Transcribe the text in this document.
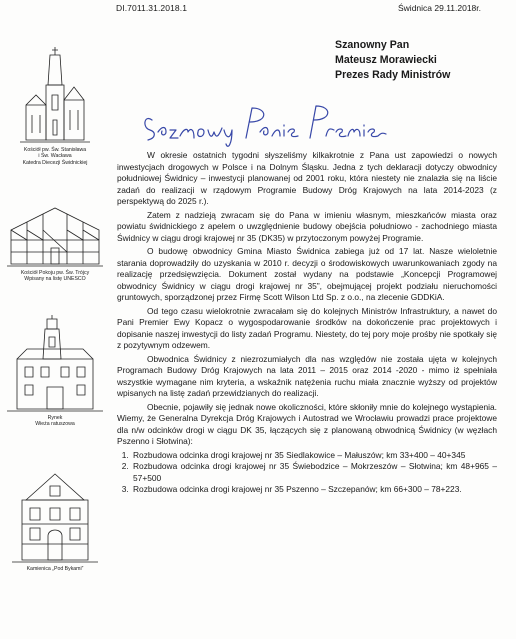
DI.7011.31.2018.1	Świdnica 29.11.2018r.
Szanowny Pan
Mateusz Morawiecki
Prezes Rady Ministrów
Kościół pw. Św. Stanisława
i Św. Wacława
Katedra Diecezji Świdnickiej
Kościół Pokoju pw. Św. Trójcy
Wpisany na listę UNESCO
Rynek
Wieża ratuszowa
Kamienica „Pod Bykami”

W okresie ostatnich tygodni słyszeliśmy kilkakrotnie z Pana ust zapowiedzi o nowych inwestycjach drogowych w Polsce i na Dolnym Śląsku. Jedna z tych deklaracji dotyczy obwodnicy południowej Świdnicy – inwestycji planowanej od 2001 roku, która niestety nie znalazła się na liście zadań do realizacji w rządowym Programie Budowy Dróg Krajowych na lata 2014-2023 (z perspektywą do 2025 r.).

Zatem z nadzieją zwracam się do Pana w imieniu własnym, mieszkańców miasta oraz powiatu świdnickiego z apelem o uwzględnienie budowy obejścia południowo - zachodniego miasta Świdnicy w ciągu drogi krajowej nr 35 (DK35) w przytoczonym powyżej Programie.

O budowę obwodnicy Gmina Miasto Świdnica zabiega już od 17 lat. Nasze wieloletnie starania doprowadziły do uzyskania w 2010 r. decyzji o środowiskowych uwarunkowaniach zgody na realizację przedsięwzięcia. Dokument został wydany na podstawie „Koncepcji Programowej obwodnicy Świdnicy w ciągu drogi krajowej nr 35”, obejmującej projekt podziału nieruchomości gruntowych, sporządzonej przez Firmę Scott Wilson Ltd Sp. z o.o., na zlecenie GDDKiA.

Od tego czasu wielokrotnie zwracałam się do kolejnych Ministrów Infrastruktury, a nawet do Pani Premier Ewy Kopacz o wygospodarowanie środków na dokończenie prac projektowych i dopisanie naszej inwestycji do listy zadań Programu. Niestety, do tej pory moje prośby nie spotkały się z pozytywnym odzewem.

Obwodnica Świdnicy z niezrozumiałych dla nas względów nie została ujęta w kolejnych Programach Budowy Dróg Krajowych na lata 2011 – 2015 oraz 2014 -2020 - mimo iż spełniała wszystkie wymagane nim kryteria, a wskaźnik natężenia ruchu miała znacznie wyższy od projektów wpisanych na listę zadań przewidzianych do realizacji.

Obecnie, pojawiły się jednak nowe okoliczności, które skłoniły mnie do kolejnego wystąpienia. Wiemy, że Generalna Dyrekcja Dróg Krajowych i Autostrad we Wrocławiu prowadzi prace projektowe dla n/w odcinków drogi w ciągu DK 35, łączących się z planowaną obwodnicą Świdnicy (w węzłach Pszenno i Słotwina):

1. Rozbudowa odcinka drogi krajowej nr 35 Siedlakowice – Małuszów; km 33+400 – 40+345
2. Rozbudowa odcinka drogi krajowej nr 35 Świebodzice – Mokrzeszów – Słotwina; km 48+965 – 57+500
3. Rozbudowa odcinka drogi krajowej nr 35 Pszenno – Szczepanów; km 66+300 – 78+223.
